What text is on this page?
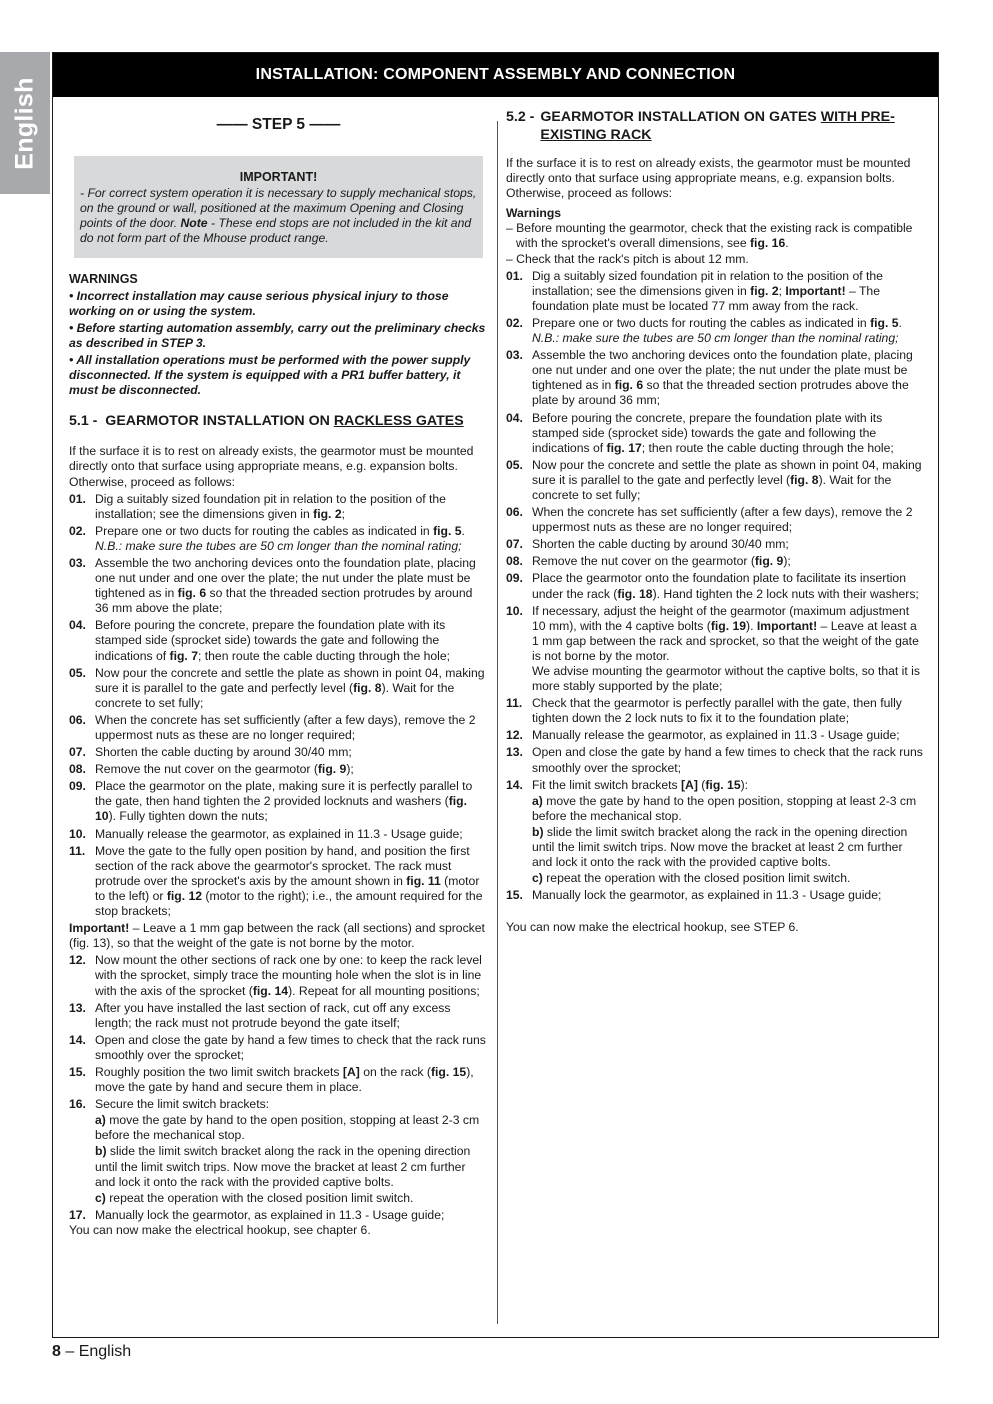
English
INSTALLATION: COMPONENT ASSEMBLY AND CONNECTION
—— STEP 5 ——
IMPORTANT!
- For correct system operation it is necessary to supply mechanical stops, on the ground or wall, positioned at the maximum Opening and Closing points of the door. Note - These end stops are not included in the kit and do not form part of the Mhouse product range.
WARNINGS
• Incorrect installation may cause serious physical injury to those working on or using the system.
• Before starting automation assembly, carry out the preliminary checks as described in STEP 3.
• All installation operations must be performed with the power supply disconnected. If the system is equipped with a PR1 buffer battery, it must be disconnected.
5.1 - GEARMOTOR INSTALLATION ON RACKLESS GATES
If the surface it is to rest on already exists, the gearmotor must be mounted directly onto that surface using appropriate means, e.g. expansion bolts. Otherwise, proceed as follows:
01. Dig a suitably sized foundation pit in relation to the position of the installation; see the dimensions given in fig. 2;
02. Prepare one or two ducts for routing the cables as indicated in fig. 5.
N.B.: make sure the tubes are 50 cm longer than the nominal rating;
03. Assemble the two anchoring devices onto the foundation plate, placing one nut under and one over the plate; the nut under the plate must be tightened as in fig. 6 so that the threaded section protrudes by around 36 mm above the plate;
04. Before pouring the concrete, prepare the foundation plate with its stamped side (sprocket side) towards the gate and following the indications of fig. 7; then route the cable ducting through the hole;
05. Now pour the concrete and settle the plate as shown in point 04, making sure it is parallel to the gate and perfectly level (fig. 8). Wait for the concrete to set fully;
06. When the concrete has set sufficiently (after a few days), remove the 2 uppermost nuts as these are no longer required;
07. Shorten the cable ducting by around 30/40 mm;
08. Remove the nut cover on the gearmotor (fig. 9);
09. Place the gearmotor on the plate, making sure it is perfectly parallel to the gate, then hand tighten the 2 provided locknuts and washers (fig. 10). Fully tighten down the nuts;
10. Manually release the gearmotor, as explained in 11.3 - Usage guide;
11. Move the gate to the fully open position by hand, and position the first section of the rack above the gearmotor's sprocket. The rack must protrude over the sprocket's axis by the amount shown in fig. 11 (motor to the left) or fig. 12 (motor to the right); i.e., the amount required for the stop brackets;
Important! – Leave a 1 mm gap between the rack (all sections) and sprocket (fig. 13), so that the weight of the gate is not borne by the motor.
12. Now mount the other sections of rack one by one: to keep the rack level with the sprocket, simply trace the mounting hole when the slot is in line with the axis of the sprocket (fig. 14). Repeat for all mounting positions;
13. After you have installed the last section of rack, cut off any excess length; the rack must not protrude beyond the gate itself;
14. Open and close the gate by hand a few times to check that the rack runs smoothly over the sprocket;
15. Roughly position the two limit switch brackets [A] on the rack (fig. 15), move the gate by hand and secure them in place.
16. Secure the limit switch brackets:
a) move the gate by hand to the open position, stopping at least 2-3 cm before the mechanical stop.
b) slide the limit switch bracket along the rack in the opening direction until the limit switch trips. Now move the bracket at least 2 cm further and lock it onto the rack with the provided captive bolts.
c) repeat the operation with the closed position limit switch.
17. Manually lock the gearmotor, as explained in 11.3 - Usage guide;
You can now make the electrical hookup, see chapter 6.
5.2 - GEARMOTOR INSTALLATION ON GATES WITH PRE-EXISTING RACK
If the surface it is to rest on already exists, the gearmotor must be mounted directly onto that surface using appropriate means, e.g. expansion bolts. Otherwise, proceed as follows:
Warnings
– Before mounting the gearmotor, check that the existing rack is compatible with the sprocket's overall dimensions, see fig. 16.
– Check that the rack's pitch is about 12 mm.
01. Dig a suitably sized foundation pit in relation to the position of the installation; see the dimensions given in fig. 2; Important! – The foundation plate must be located 77 mm away from the rack.
02. Prepare one or two ducts for routing the cables as indicated in fig. 5.
N.B.: make sure the tubes are 50 cm longer than the nominal rating;
03. Assemble the two anchoring devices onto the foundation plate, placing one nut under and one over the plate; the nut under the plate must be tightened as in fig. 6 so that the threaded section protrudes above the plate by around 36 mm;
04. Before pouring the concrete, prepare the foundation plate with its stamped side (sprocket side) towards the gate and following the indications of fig. 17; then route the cable ducting through the hole;
05. Now pour the concrete and settle the plate as shown in point 04, making sure it is parallel to the gate and perfectly level (fig. 8). Wait for the concrete to set fully;
06. When the concrete has set sufficiently (after a few days), remove the 2 uppermost nuts as these are no longer required;
07. Shorten the cable ducting by around 30/40 mm;
08. Remove the nut cover on the gearmotor (fig. 9);
09. Place the gearmotor onto the foundation plate to facilitate its insertion under the rack (fig. 18). Hand tighten the 2 lock nuts with their washers;
10. If necessary, adjust the height of the gearmotor (maximum adjustment 10 mm), with the 4 captive bolts (fig. 19). Important! – Leave at least a 1 mm gap between the rack and sprocket, so that the weight of the gate is not borne by the motor.
We advise mounting the gearmotor without the captive bolts, so that it is more stably supported by the plate;
11. Check that the gearmotor is perfectly parallel with the gate, then fully tighten down the 2 lock nuts to fix it to the foundation plate;
12. Manually release the gearmotor, as explained in 11.3 - Usage guide;
13. Open and close the gate by hand a few times to check that the rack runs smoothly over the sprocket;
14. Fit the limit switch brackets [A] (fig. 15):
a) move the gate by hand to the open position, stopping at least 2-3 cm before the mechanical stop.
b) slide the limit switch bracket along the rack in the opening direction until the limit switch trips. Now move the bracket at least 2 cm further and lock it onto the rack with the provided captive bolts.
c) repeat the operation with the closed position limit switch.
15. Manually lock the gearmotor, as explained in 11.3 - Usage guide;
You can now make the electrical hookup, see STEP 6.
8 – English
